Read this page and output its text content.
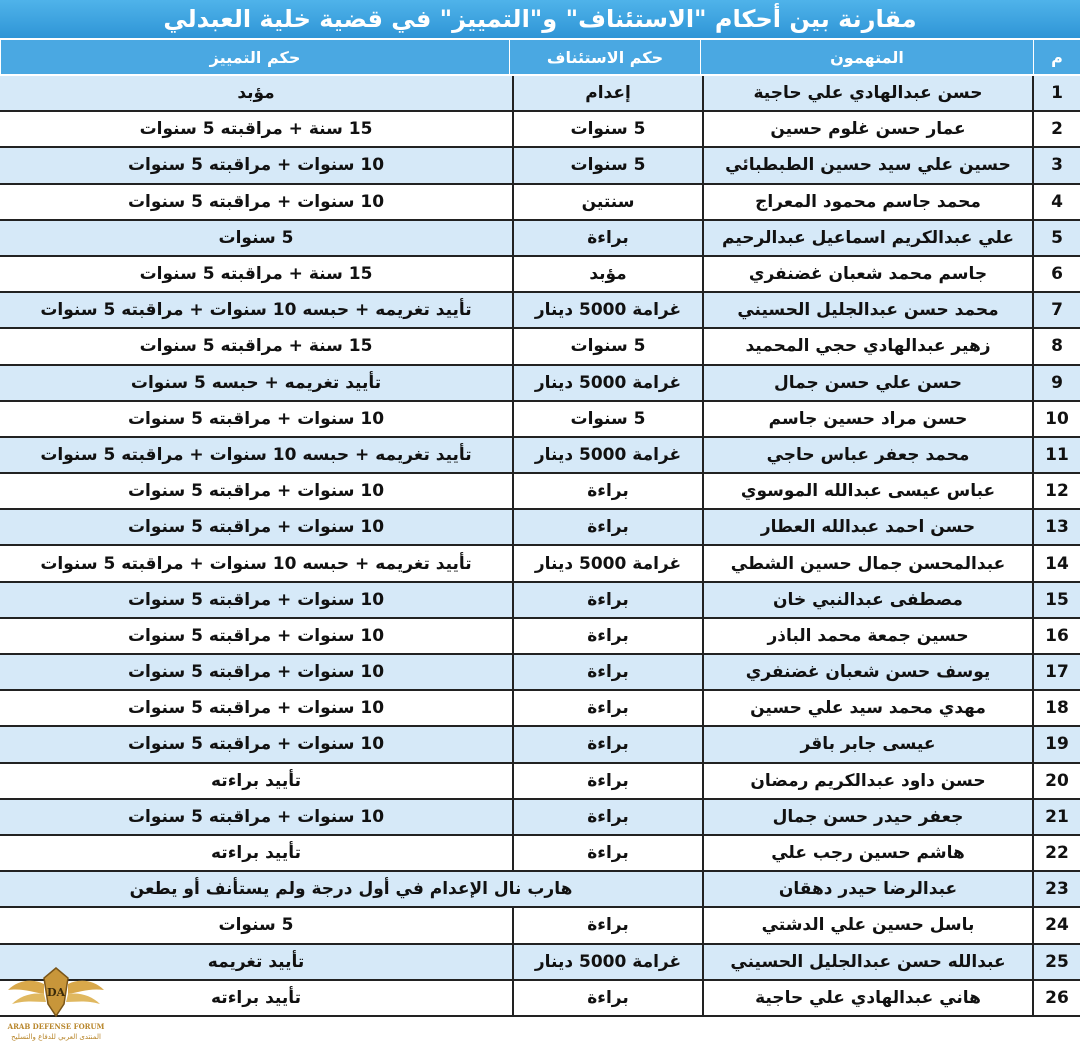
مقارنة بين أحكام "الاستئناف" و"التمييز" في قضية خلية العبدلي
م
المتهمون
حكم الاستئناف
حكم التمييز
1
حسن عبدالهادي علي حاجية
إعدام
مؤبد
2
عمار حسن غلوم حسين
5 سنوات
15 سنة + مراقبته 5 سنوات
3
حسين علي سيد حسين الطبطبائي
5 سنوات
10 سنوات + مراقبته 5 سنوات
4
محمد جاسم محمود المعراج
سنتين
10 سنوات + مراقبته 5 سنوات
5
علي عبدالكريم اسماعيل عبدالرحيم
براءة
5 سنوات
6
جاسم محمد شعبان غضنفري
مؤبد
15 سنة + مراقبته 5 سنوات
7
محمد حسن عبدالجليل الحسيني
غرامة 5000 دينار
تأييد تغريمه + حبسه 10 سنوات + مراقبته 5 سنوات
8
زهير عبدالهادي حجي المحميد
5 سنوات
15 سنة + مراقبته 5 سنوات
9
حسن علي حسن جمال
غرامة 5000 دينار
تأييد تغريمه + حبسه 5 سنوات
10
حسن مراد حسين جاسم
5 سنوات
10 سنوات + مراقبته 5 سنوات
11
محمد جعفر عباس حاجي
غرامة 5000 دينار
تأييد تغريمه + حبسه 10 سنوات + مراقبته 5 سنوات
12
عباس عيسى عبدالله الموسوي
براءة
10 سنوات + مراقبته 5 سنوات
13
حسن احمد عبدالله العطار
براءة
10 سنوات + مراقبته 5 سنوات
14
عبدالمحسن جمال حسين الشطي
غرامة 5000 دينار
تأييد تغريمه + حبسه 10 سنوات + مراقبته 5 سنوات
15
مصطفى عبدالنبي خان
براءة
10 سنوات + مراقبته 5 سنوات
16
حسين جمعة محمد الباذر
براءة
10 سنوات + مراقبته 5 سنوات
17
يوسف حسن شعبان غضنفري
براءة
10 سنوات + مراقبته 5 سنوات
18
مهدي محمد سيد علي حسين
براءة
10 سنوات + مراقبته 5 سنوات
19
عيسى جابر باقر
براءة
10 سنوات + مراقبته 5 سنوات
20
حسن داود عبدالكريم رمضان
براءة
تأييد براءته
21
جعفر حيدر حسن جمال
براءة
10 سنوات + مراقبته 5 سنوات
22
هاشم حسين رجب علي
براءة
تأييد براءته
23
عبدالرضا حيدر دهقان
هارب نال الإعدام في أول درجة ولم يستأنف أو يطعن
24
باسل حسين علي الدشتي
براءة
5 سنوات
25
عبدالله حسن عبدالجليل الحسيني
غرامة 5000 دينار
تأييد تغريمه
26
هاني عبدالهادي علي حاجية
براءة
تأييد براءته
DA
ARAB DEFENSE FORUM
المنتدى العربي للدفاع والتسليح
